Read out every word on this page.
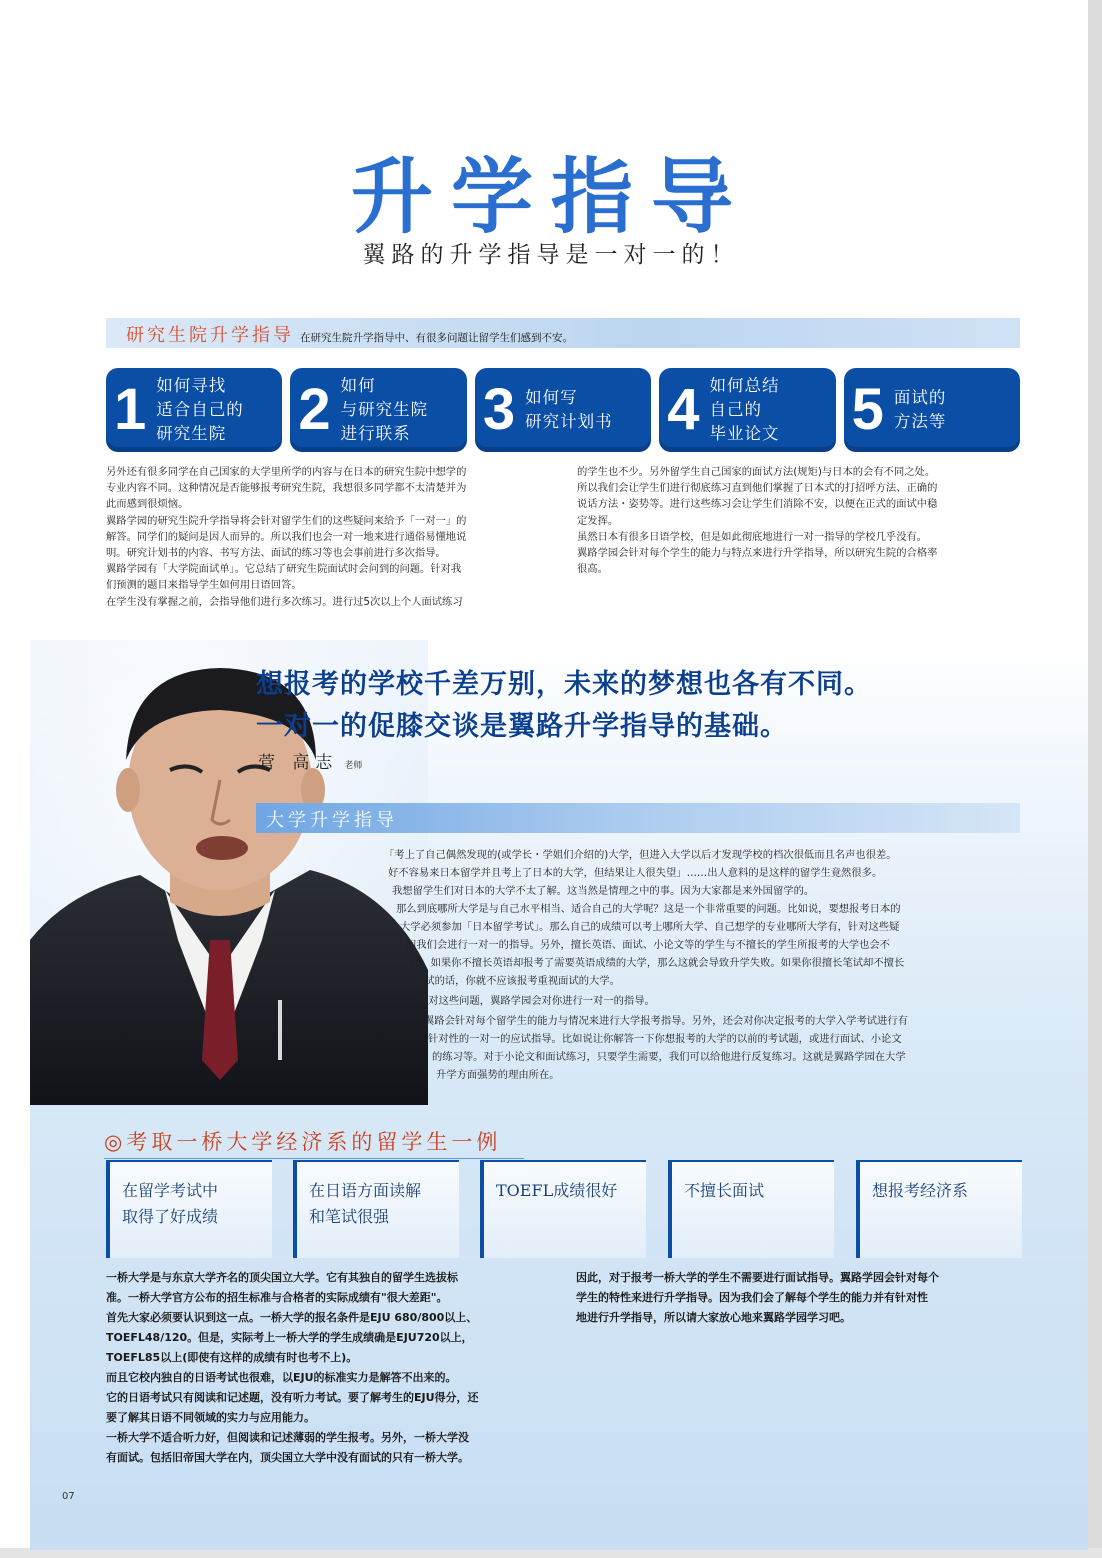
升学指导
翼路的升学指导是一对一的！
研究生院升学指导 在研究生院升学指导中、有很多问题让留学生们感到不安。
1 如何寻找
适合自己的
研究生院	2 如何
与研究生院
进行联系	3 如何写
研究计划书 4 如何总结
自己的
毕业论文 5 面试的
方法等
另外还有很多同学在自己国家的大学里所学的内容与在日本的研究生院中想学的
专业内容不同。这种情况是否能够报考研究生院，我想很多同学都不太清楚并为
此而感到很烦恼。
翼路学园的研究生院升学指导将会针对留学生们的这些疑问来给予「一对一」的
解答。同学们的疑问是因人而异的。所以我们也会一对一地来进行通俗易懂地说
明。研究计划书的内容、书写方法、面试的练习等也会事前进行多次指导。
翼路学园有「大学院面试单」。它总结了研究生院面试时会问到的问题。针对我
们预测的题目来指导学生如何用日语回答。
在学生没有掌握之前，会指导他们进行多次练习。进行过5次以上个人面试练习
的学生也不少。另外留学生自己国家的面试方法(规矩)与日本的会有不同之处。
所以我们会让学生们进行彻底练习直到他们掌握了日本式的打招呼方法、正确的
说话方法・姿势等。进行这些练习会让学生们消除不安，以便在正式的面试中稳
定发挥。
虽然日本有很多日语学校，但是如此彻底地进行一对一指导的学校几乎没有。
翼路学园会针对每个学生的能力与特点来进行升学指导，所以研究生院的合格率
很高。
想报考的学校千差万别，未来的梦想也各有不同。
一对一的促膝交谈是翼路升学指导的基础。
菅 高志 老师
大学升学指导

「考上了自己偶然发现的(或学长・学姐们介绍的)大学，但进入大学以后才发现学校的档次很低而且名声也很差。

好不容易来日本留学并且考上了日本的大学，但结果让人很失望」……出人意料的是这样的留学生竟然很多。

我想留学生们对日本的大学不太了解。这当然是情理之中的事。因为大家都是来外国留学的。

那么到底哪所大学是与自己水平相当、适合自己的大学呢？这是一个非常重要的问题。比如说，要想报考日本的

大学必须参加「日本留学考试」。那么自己的成绩可以考上哪所大学、自己想学的专业哪所大学有，针对这些疑

问我们会进行一对一的指导。另外，擅长英语、面试、小论文等的学生与不擅长的学生所报考的大学也会不

同。如果你不擅长英语却报考了需要英语成绩的大学，那么这就会导致升学失败。如果你很擅长笔试却不擅长

面试的话，你就不应该报考重视面试的大学。

针对这些问题，翼路学园会对你进行一对一的指导。

翼路会针对每个留学生的能力与情况来进行大学报考指导。另外，还会对你决定报考的大学入学考试进行有

针对性的一对一的应试指导。比如说让你解答一下你想报考的大学的以前的考试题，或进行面试、小论文

的练习等。对于小论文和面试练习，只要学生需要，我们可以给他进行反复练习。这就是翼路学园在大学

升学方面强势的理由所在。

◎考取一桥大学经济系的留学生一例
在留学考试中
取得了好成绩
在日语方面读解
和笔试很强
TOEFL成绩很好	不擅长面试	想报考经济系
一桥大学是与东京大学齐名的顶尖国立大学。它有其独自的留学生选拔标
准。一桥大学官方公布的招生标准与合格者的实际成绩有"很大差距"。
首先大家必须要认识到这一点。一桥大学的报名条件是EJU 680/800以上、
TOEFL48/120。但是，实际考上一桥大学的学生成绩确是EJU720以上，
TOEFL85以上(即使有这样的成绩有时也考不上)。
而且它校内独自的日语考试也很难，以EJU的标准实力是解答不出来的。
它的日语考试只有阅读和记述题，没有听力考试。要了解考生的EJU得分，还
要了解其日语不同领域的实力与应用能力。
一桥大学不适合听力好，但阅读和记述薄弱的学生报考。另外，一桥大学没
有面试。包括旧帝国大学在内，顶尖国立大学中没有面试的只有一桥大学。
因此，对于报考一桥大学的学生不需要进行面试指导。翼路学园会针对每个
学生的特性来进行升学指导。因为我们会了解每个学生的能力并有针对性
地进行升学指导，所以请大家放心地来翼路学园学习吧。
07
